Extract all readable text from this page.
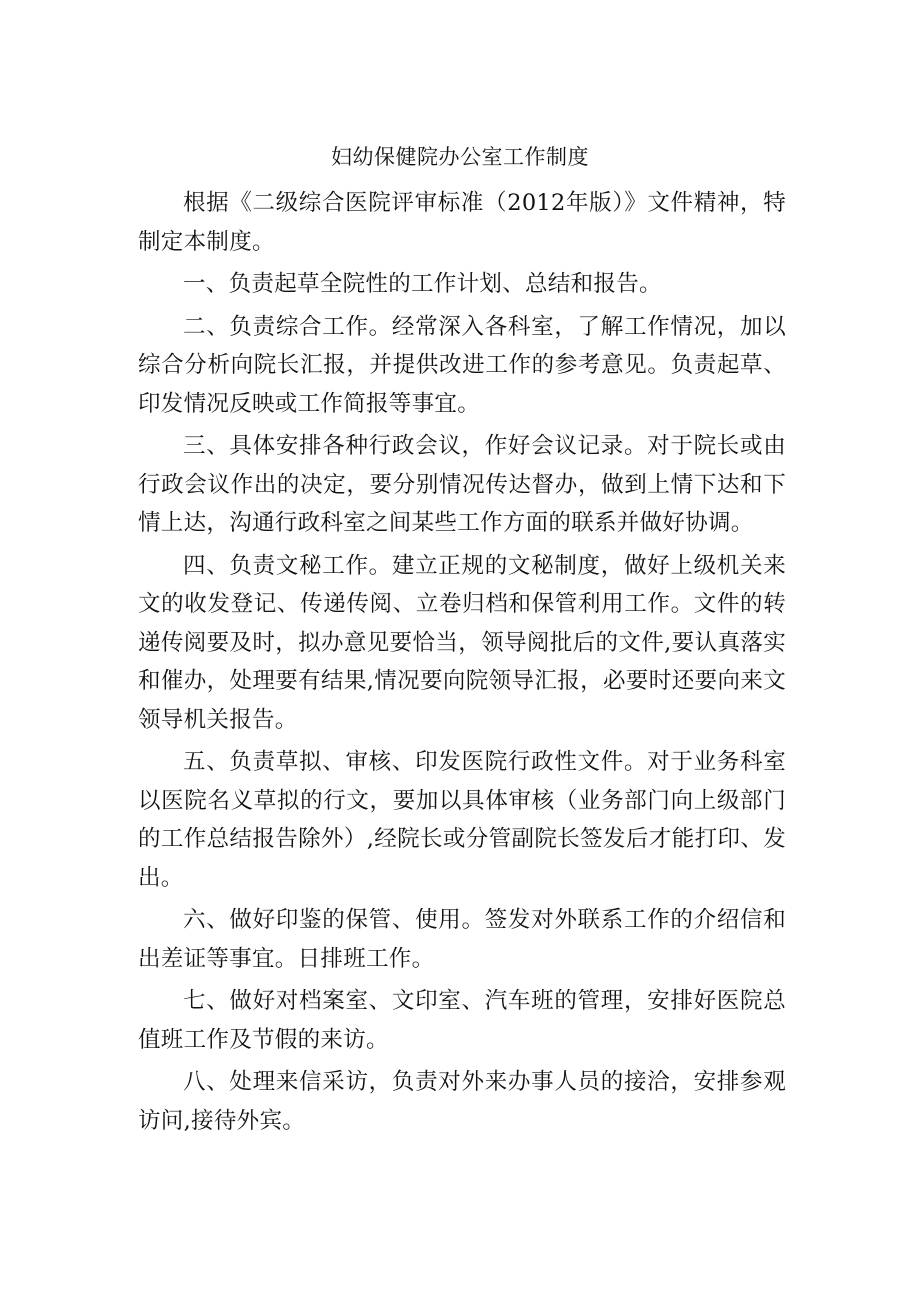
妇幼保健院办公室工作制度

根据《二级综合医院评审标准（2012年版）》文件精神，特制定本制度。

一、负责起草全院性的工作计划、总结和报告。

二、负责综合工作。经常深入各科室，了解工作情况，加以综合分析向院长汇报，并提供改进工作的参考意见。负责起草、印发情况反映或工作简报等事宜。

三、具体安排各种行政会议，作好会议记录。对于院长或由行政会议作出的决定，要分别情况传达督办，做到上情下达和下情上达，沟通行政科室之间某些工作方面的联系并做好协调。

四、负责文秘工作。建立正规的文秘制度，做好上级机关来文的收发登记、传递传阅、立卷归档和保管利用工作。文件的转递传阅要及时，拟办意见要恰当，领导阅批后的文件,要认真落实和催办，处理要有结果,情况要向院领导汇报，必要时还要向来文领导机关报告。

五、负责草拟、审核、印发医院行政性文件。对于业务科室以医院名义草拟的行文，要加以具体审核（业务部门向上级部门的工作总结报告除外）,经院长或分管副院长签发后才能打印、发出。

六、做好印鉴的保管、使用。签发对外联系工作的介绍信和出差证等事宜。日排班工作。

七、做好对档案室、文印室、汽车班的管理，安排好医院总值班工作及节假的来访。

八、处理来信采访，负责对外来办事人员的接洽，安排参观访问,接待外宾。
